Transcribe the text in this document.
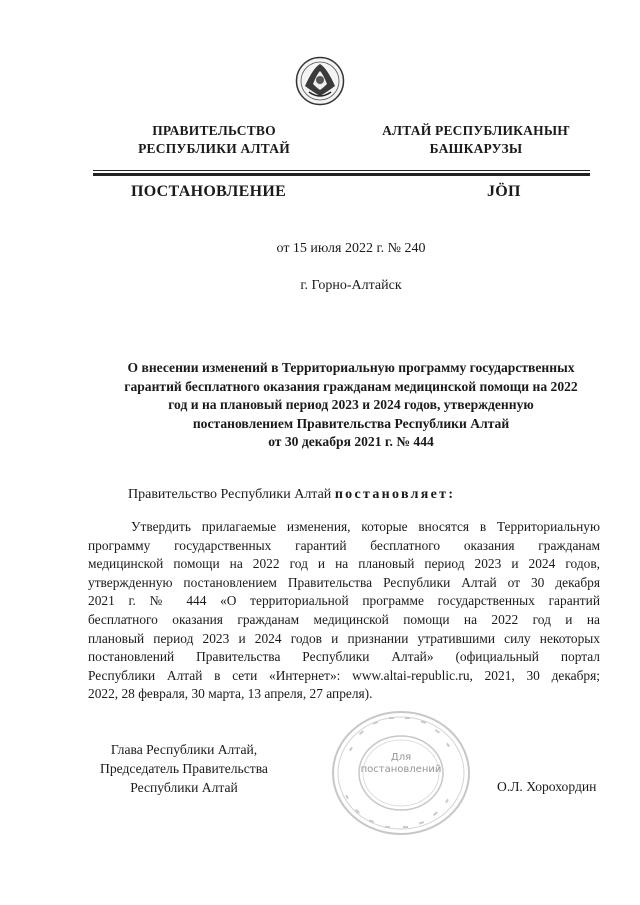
ПРАВИТЕЛЬСТВО
РЕСПУБЛИКИ АЛТАЙ
АЛТАЙ РЕСПУБЛИКАНЫҤ
БАШКАРУЗЫ
ПОСТАНОВЛЕНИЕ	JӦП
от 15 июля 2022 г. № 240
г. Горно-Алтайск
О внесении изменений в Территориальную программу государственных
гарантий бесплатного оказания гражданам медицинской помощи на 2022
год и на плановый период 2023 и 2024 годов, утвержденную
постановлением Правительства Республики Алтай
от 30 декабря 2021 г. № 444
Правительство Республики Алтай постановляет:
Утвердить прилагаемые изменения, которые вносятся в Территориальную
программу государственных гарантий бесплатного оказания гражданам
медицинской помощи на 2022 год и на плановый период 2023 и 2024 годов,
утвержденную постановлением Правительства Республики Алтай от 30 декабря
2021 г. № 444 «О территориальной программе государственных гарантий
бесплатного оказания гражданам медицинской помощи на 2022 год и на
плановый период 2023 и 2024 годов и признании утратившими силу некоторых
постановлений Правительства Республики Алтай» (официальный портал
Республики Алтай в сети «Интернет»: www.altai-republic.ru, 2021, 30 декабря;
2022, 28 февраля, 30 марта, 13 апреля, 27 апреля).
Глава Республики Алтай,
Председатель Правительства
Республики Алтай
Для
постановлений
О.Л. Хорохордин
